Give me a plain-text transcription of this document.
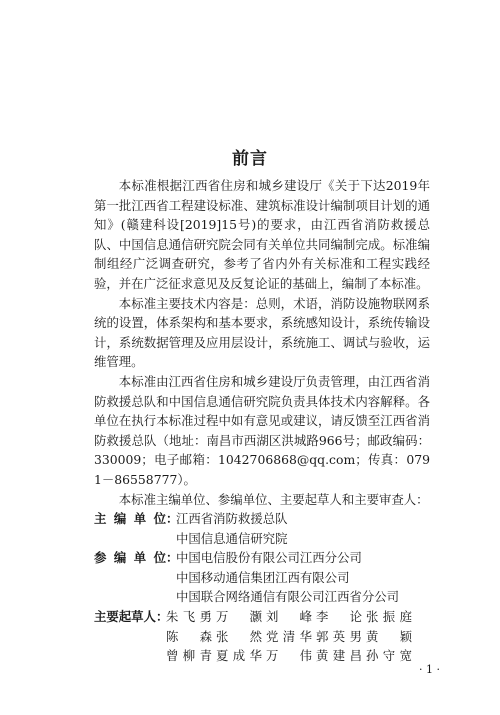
前言

本标准根据江西省住房和城乡建设厅《关于下达2019年第一批江西省工程建设标准、建筑标准设计编制项目计划的通知》(赣建科设[2019]15号)的要求，由江西省消防救援总队、中国信息通信研究院会同有关单位共同编制完成。标准编制组经广泛调查研究，参考了省内外有关标准和工程实践经验，并在广泛征求意见及反复论证的基础上，编制了本标准。

本标准主要技术内容是：总则，术语，消防设施物联网系统的设置，体系架构和基本要求，系统感知设计，系统传输设计，系统数据管理及应用层设计，系统施工、调试与验收，运维管理。

本标准由江西省住房和城乡建设厅负责管理，由江西省消防救援总队和中国信息通信研究院负责具体技术内容解释。各单位在执行本标准过程中如有意见或建议，请反馈至江西省消防救援总队（地址：南昌市西湖区洪城路966号；邮政编码：330009；电子邮箱：1042706868@qq.com；传真：0791－86558777）。

本标准主编单位、参编单位、主要起草人和主要审查人：

主编单位 ：
江西省消防救援总队
中国信息通信研究院
参编单位 ：
中国电信股份有限公司江西分公司
中国移动通信集团江西有限公司
中国联合网络通信有限公司江西省分公司
主要起草人：
朱飞勇 万灏 刘峰 李论 张振庭
陈森 张然 党清华 郭英男 黄颖
曾柳青 夏成华 万伟 黄建昌 孙守宽
· 1 ·
